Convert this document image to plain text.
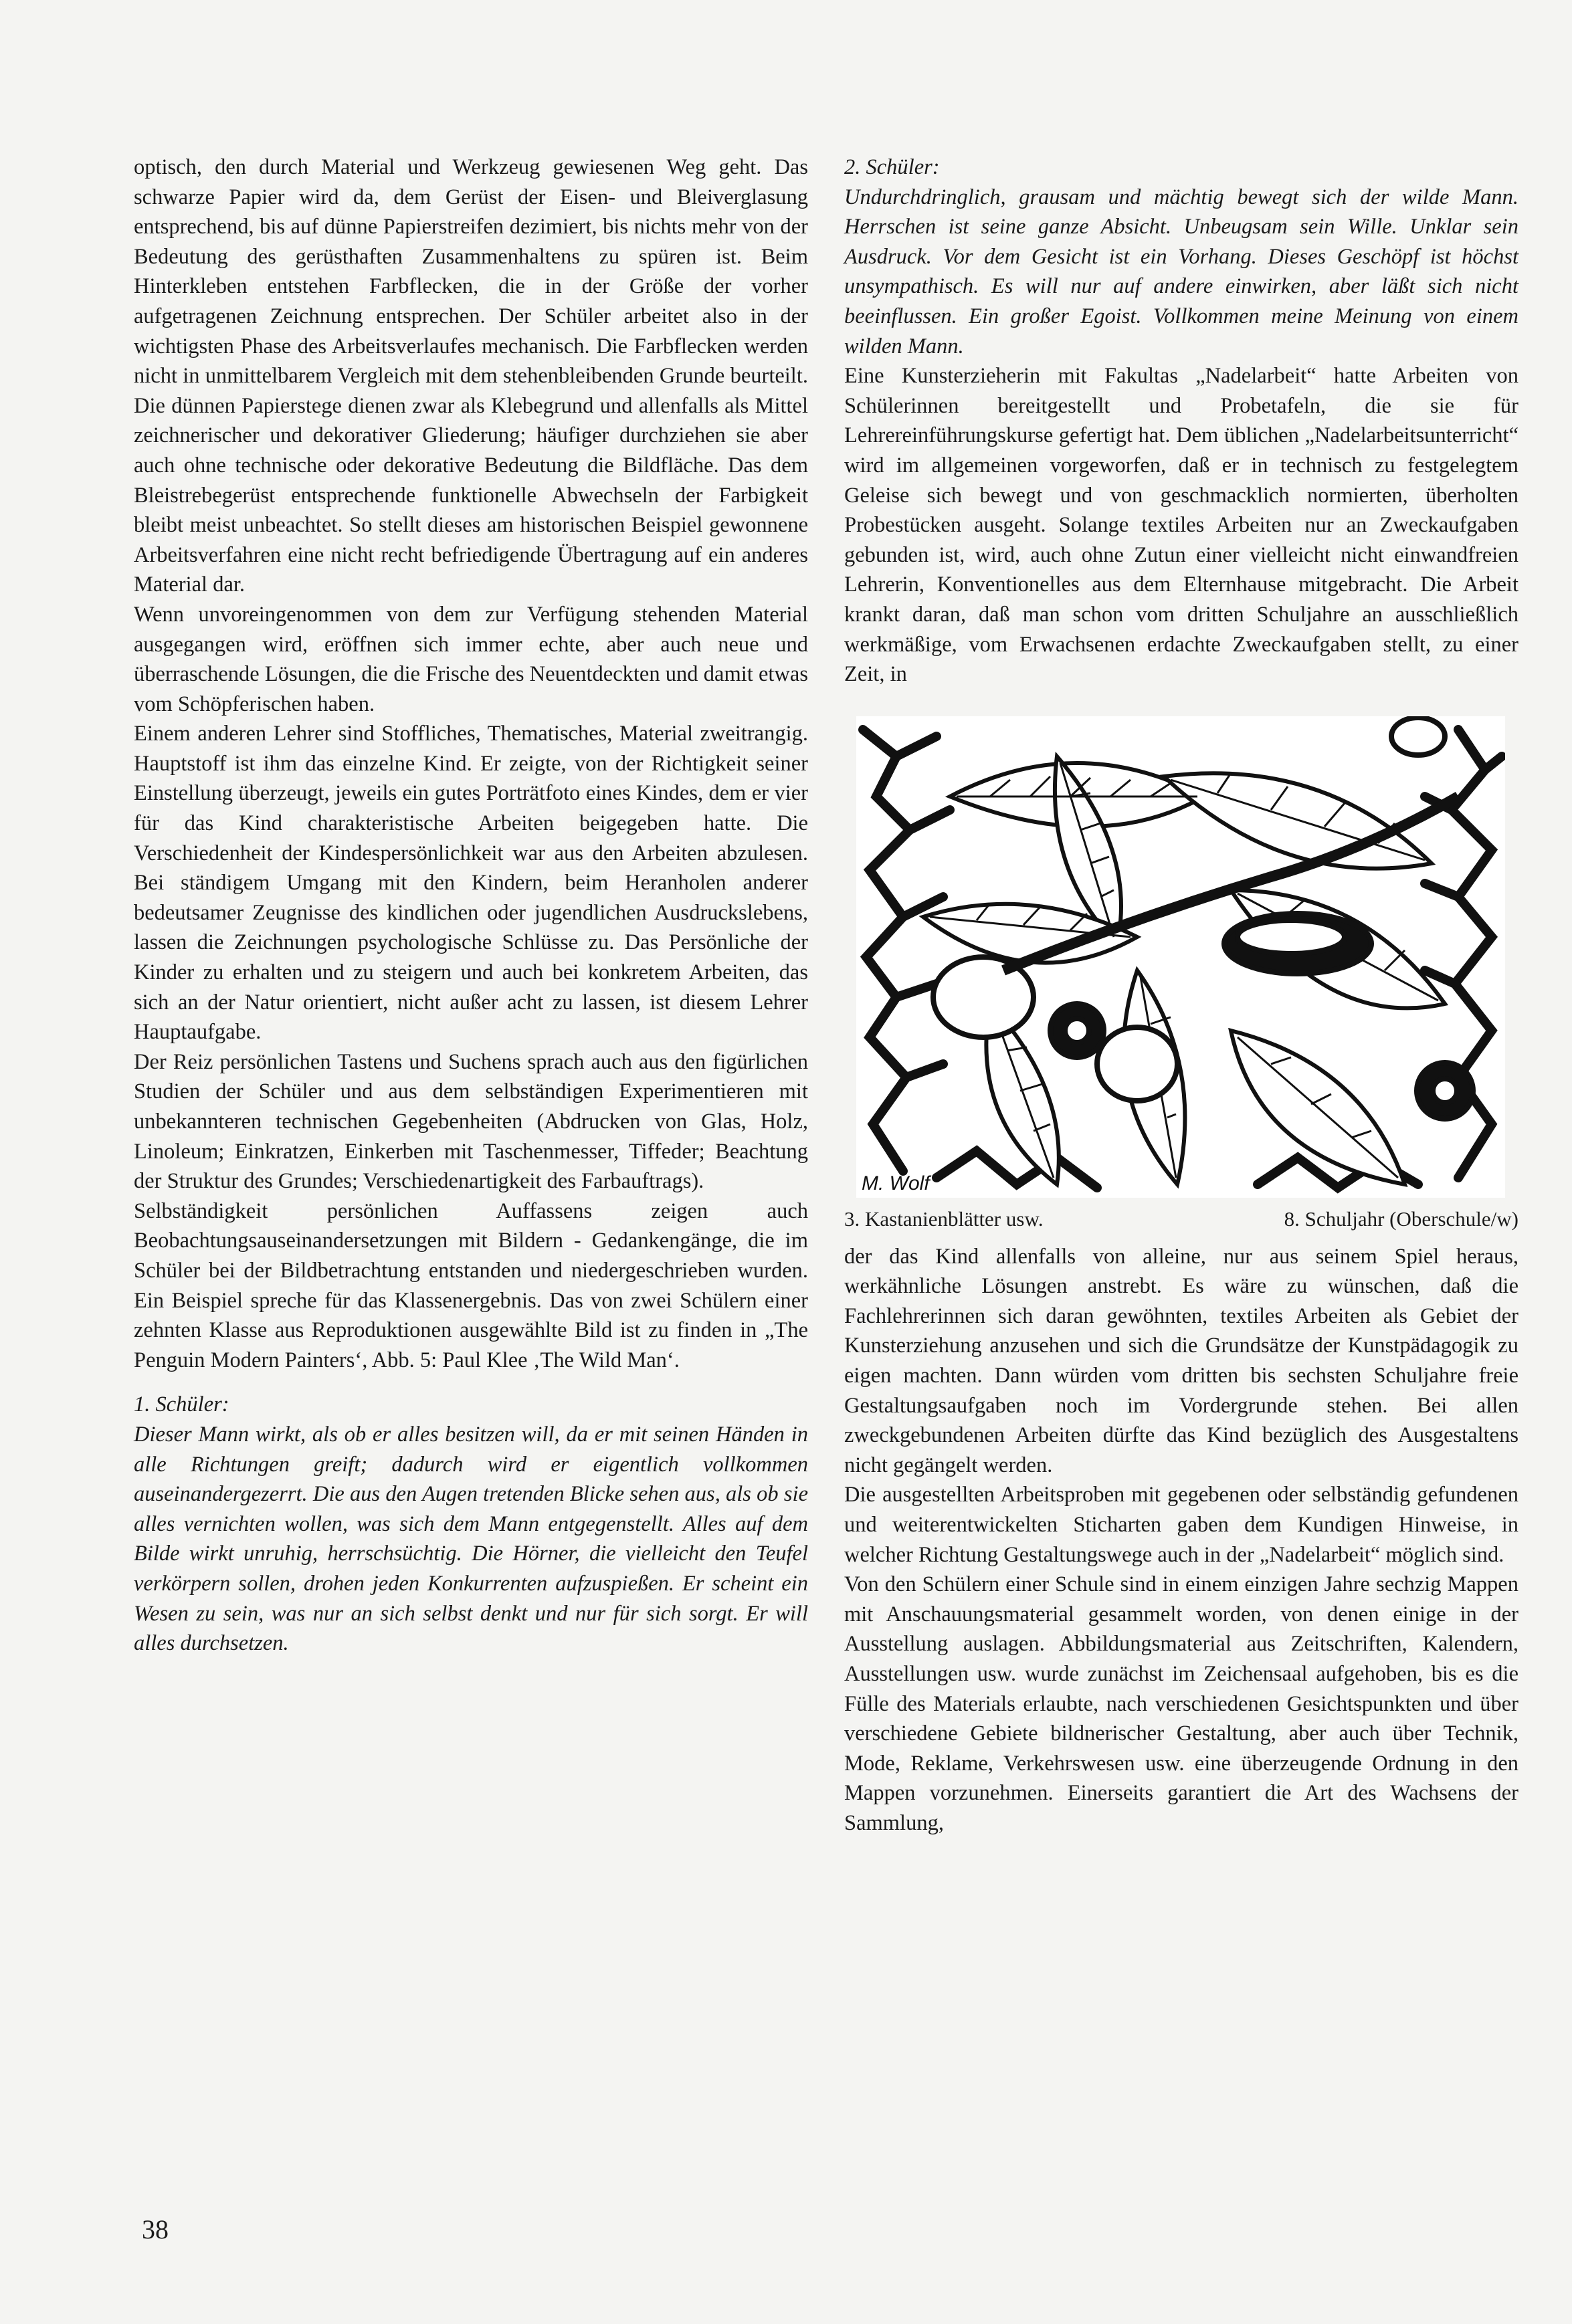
optisch, den durch Material und Werkzeug gewiesenen Weg geht. Das schwarze Papier wird da, dem Gerüst der Eisen- und Bleiverglasung entsprechend, bis auf dünne Papierstreifen dezimiert, bis nichts mehr von der Bedeutung des gerüsthaften Zusammenhaltens zu spüren ist. Beim Hinterkleben entstehen Farbflecken, die in der Größe der vorher aufgetragenen Zeichnung entsprechen. Der Schüler arbeitet also in der wichtigsten Phase des Arbeitsverlaufes mechanisch. Die Farbflecken werden nicht in unmittelbarem Vergleich mit dem stehenbleibenden Grunde beurteilt. Die dünnen Papierstege dienen zwar als Klebegrund und allenfalls als Mittel zeichnerischer und dekorativer Gliederung; häufiger durchziehen sie aber auch ohne technische oder dekorative Bedeutung die Bildfläche. Das dem Bleistrebegerüst entsprechende funktionelle Abwechseln der Farbigkeit bleibt meist unbeachtet. So stellt dieses am historischen Beispiel gewonnene Arbeitsverfahren eine nicht recht befriedigende Übertragung auf ein anderes Material dar.

Wenn unvoreingenommen von dem zur Verfügung stehenden Material ausgegangen wird, eröffnen sich immer echte, aber auch neue und überraschende Lösungen, die die Frische des Neuentdeckten und damit etwas vom Schöpferischen haben.

Einem anderen Lehrer sind Stoffliches, Thematisches, Material zweitrangig. Hauptstoff ist ihm das einzelne Kind. Er zeigte, von der Richtigkeit seiner Einstellung überzeugt, jeweils ein gutes Porträtfoto eines Kindes, dem er vier für das Kind charakteristische Arbeiten beigegeben hatte. Die Verschiedenheit der Kindespersönlichkeit war aus den Arbeiten abzulesen. Bei ständigem Umgang mit den Kindern, beim Heranholen anderer bedeutsamer Zeugnisse des kindlichen oder jugendlichen Ausdruckslebens, lassen die Zeichnungen psychologische Schlüsse zu. Das Persönliche der Kinder zu erhalten und zu steigern und auch bei konkretem Arbeiten, das sich an der Natur orientiert, nicht außer acht zu lassen, ist diesem Lehrer Hauptaufgabe.

Der Reiz persönlichen Tastens und Suchens sprach auch aus den figürlichen Studien der Schüler und aus dem selbständigen Experimentieren mit unbekannteren technischen Gegebenheiten (Abdrucken von Glas, Holz, Linoleum; Einkratzen, Einkerben mit Taschenmesser, Tiffeder; Beachtung der Struktur des Grundes; Verschiedenartigkeit des Farbauftrags).

Selbständigkeit persönlichen Auffassens zeigen auch Beobachtungsauseinandersetzungen mit Bildern - Gedankengänge, die im Schüler bei der Bildbetrachtung entstanden und niedergeschrieben wurden. Ein Beispiel spreche für das Klassenergebnis. Das von zwei Schülern einer zehnten Klasse aus Reproduktionen ausgewählte Bild ist zu finden in „The Penguin Modern Painters‘, Abb. 5: Paul Klee ‚The Wild Man‘.

1. Schüler:

Dieser Mann wirkt, als ob er alles besitzen will, da er mit seinen Händen in alle Richtungen greift; dadurch wird er eigentlich vollkommen auseinandergezerrt. Die aus den Augen tretenden Blicke sehen aus, als ob sie alles vernichten wollen, was sich dem Mann entgegenstellt. Alles auf dem Bilde wirkt unruhig, herrschsüchtig. Die Hörner, die vielleicht den Teufel verkörpern sollen, drohen jeden Konkurrenten aufzuspießen. Er scheint ein Wesen zu sein, was nur an sich selbst denkt und nur für sich sorgt. Er will alles durchsetzen.

2. Schüler:

Undurchdringlich, grausam und mächtig bewegt sich der wilde Mann. Herrschen ist seine ganze Absicht. Unbeugsam sein Wille. Unklar sein Ausdruck. Vor dem Gesicht ist ein Vorhang. Dieses Geschöpf ist höchst unsympathisch. Es will nur auf andere einwirken, aber läßt sich nicht beeinflussen. Ein großer Egoist. Vollkommen meine Meinung von einem wilden Mann.

Eine Kunsterzieherin mit Fakultas „Nadelarbeit“ hatte Arbeiten von Schülerinnen bereitgestellt und Probetafeln, die sie für Lehrereinführungskurse gefertigt hat. Dem üblichen „Nadelarbeitsunterricht“ wird im allgemeinen vorgeworfen, daß er in technisch zu festgelegtem Geleise sich bewegt und von geschmacklich normierten, überholten Probestücken ausgeht. Solange textiles Arbeiten nur an Zweckaufgaben gebunden ist, wird, auch ohne Zutun einer vielleicht nicht einwandfreien Lehrerin, Konventionelles aus dem Elternhause mitgebracht. Die Arbeit krankt daran, daß man schon vom dritten Schuljahre an ausschließlich werkmäßige, vom Erwachsenen erdachte Zweckaufgaben stellt, zu einer Zeit, in

M. Wolf
3. Kastanienblätter usw.	8. Schuljahr (Oberschule/w)

der das Kind allenfalls von alleine, nur aus seinem Spiel heraus, werkähnliche Lösungen anstrebt. Es wäre zu wünschen, daß die Fachlehrerinnen sich daran gewöhnten, textiles Arbeiten als Gebiet der Kunsterziehung anzusehen und sich die Grundsätze der Kunstpädagogik zu eigen machten. Dann würden vom dritten bis sechsten Schuljahre freie Gestaltungsaufgaben noch im Vordergrunde stehen. Bei allen zweckgebundenen Arbeiten dürfte das Kind bezüglich des Ausgestaltens nicht gegängelt werden.

Die ausgestellten Arbeitsproben mit gegebenen oder selbständig gefundenen und weiterentwickelten Sticharten gaben dem Kundigen Hinweise, in welcher Richtung Gestaltungswege auch in der „Nadelarbeit“ möglich sind.

Von den Schülern einer Schule sind in einem einzigen Jahre sechzig Mappen mit Anschauungsmaterial gesammelt worden, von denen einige in der Ausstellung auslagen. Abbildungsmaterial aus Zeitschriften, Kalendern, Ausstellungen usw. wurde zunächst im Zeichensaal aufgehoben, bis es die Fülle des Materials erlaubte, nach verschiedenen Gesichtspunkten und über verschiedene Gebiete bildnerischer Gestaltung, aber auch über Technik, Mode, Reklame, Verkehrswesen usw. eine überzeugende Ordnung in den Mappen vorzunehmen. Einerseits garantiert die Art des Wachsens der Sammlung,

38
